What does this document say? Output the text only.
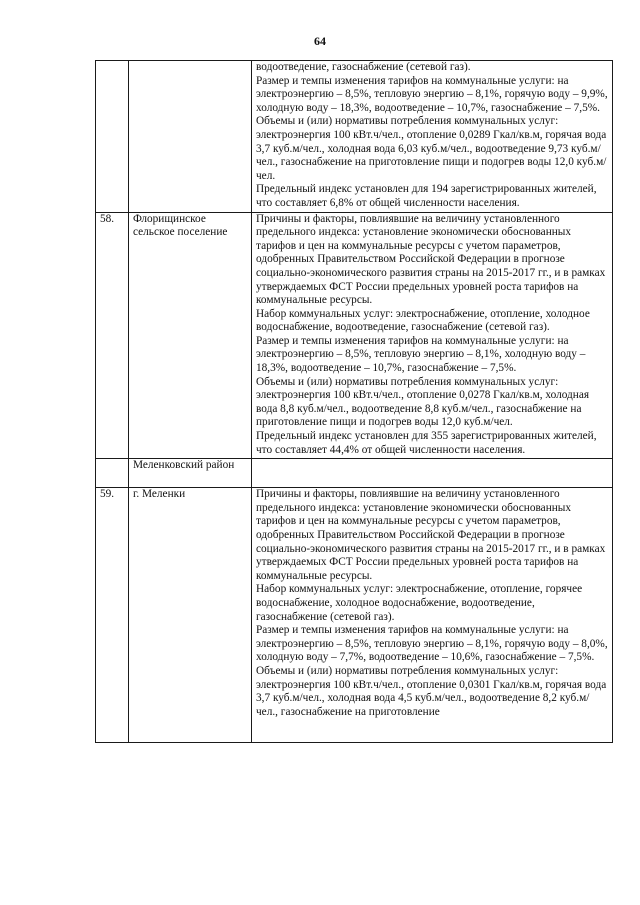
64

		водоотведение, газоснабжение (сетевой газ).

Размер и темпы изменения тарифов на коммунальные услуги: на электроэнергию – 8,5%, тепловую энергию – 8,1%, горячую воду – 9,9%, холодную воду – 18,3%, водоотведение – 10,7%, газоснабжение – 7,5%.

Объемы и (или) нормативы потребления коммунальных услуг: электроэнергия 100 кВт.ч/чел., отопление 0,0289 Гкал/кв.м, горячая вода 3,7 куб.м/чел., холодная вода 6,03 куб.м/чел., водоотведение 9,73 куб.м/чел., газоснабжение на приготовление пищи и подогрев воды 12,0 куб.м/чел.

Предельный индекс установлен для 194 зарегистрированных жителей, что составляет 6,8% от общей численности населения.

58.	Флорищинское сельское поселение	Причины и факторы, повлиявшие на величину установленного предельного индекса: установление экономически обоснованных тарифов и цен на коммунальные ресурсы с учетом параметров, одобренных Правительством Российской Федерации в прогнозе социально-экономического развития страны на 2015-2017 гг., и в рамках утверждаемых ФСТ России предельных уровней роста тарифов на коммунальные ресурсы.

Набор коммунальных услуг: электроснабжение, отопление, холодное водоснабжение, водоотведение, газоснабжение (сетевой газ).

Размер и темпы изменения тарифов на коммунальные услуги: на электроэнергию – 8,5%, тепловую энергию – 8,1%, холодную воду – 18,3%, водоотведение – 10,7%, газоснабжение – 7,5%.

Объемы и (или) нормативы потребления коммунальных услуг: электроэнергия 100 кВт.ч/чел., отопление 0,0278 Гкал/кв.м, холодная вода 8,8 куб.м/чел., водоотведение 8,8 куб.м/чел., газоснабжение на приготовление пищи и подогрев воды 12,0 куб.м/чел.

Предельный индекс установлен для 355 зарегистрированных жителей, что составляет 44,4% от общей численности населения.

	Меленковский район	
59.	г. Меленки	Причины и факторы, повлиявшие на величину установленного предельного индекса: установление экономически обоснованных тарифов и цен на коммунальные ресурсы с учетом параметров, одобренных Правительством Российской Федерации в прогнозе социально-экономического развития страны на 2015-2017 гг., и в рамках утверждаемых ФСТ России предельных уровней роста тарифов на коммунальные ресурсы.

Набор коммунальных услуг: электроснабжение, отопление, горячее водоснабжение, холодное водоснабжение, водоотведение, газоснабжение (сетевой газ).

Размер и темпы изменения тарифов на коммунальные услуги: на электроэнергию – 8,5%, тепловую энергию – 8,1%, горячую воду – 8,0%, холодную воду – 7,7%, водоотведение – 10,6%, газоснабжение – 7,5%.

Объемы и (или) нормативы потребления коммунальных услуг: электроэнергия 100 кВт.ч/чел., отопление 0,0301 Гкал/кв.м, горячая вода 3,7 куб.м/чел., холодная вода 4,5 куб.м/чел., водоотведение 8,2 куб.м/чел., газоснабжение на приготовление
